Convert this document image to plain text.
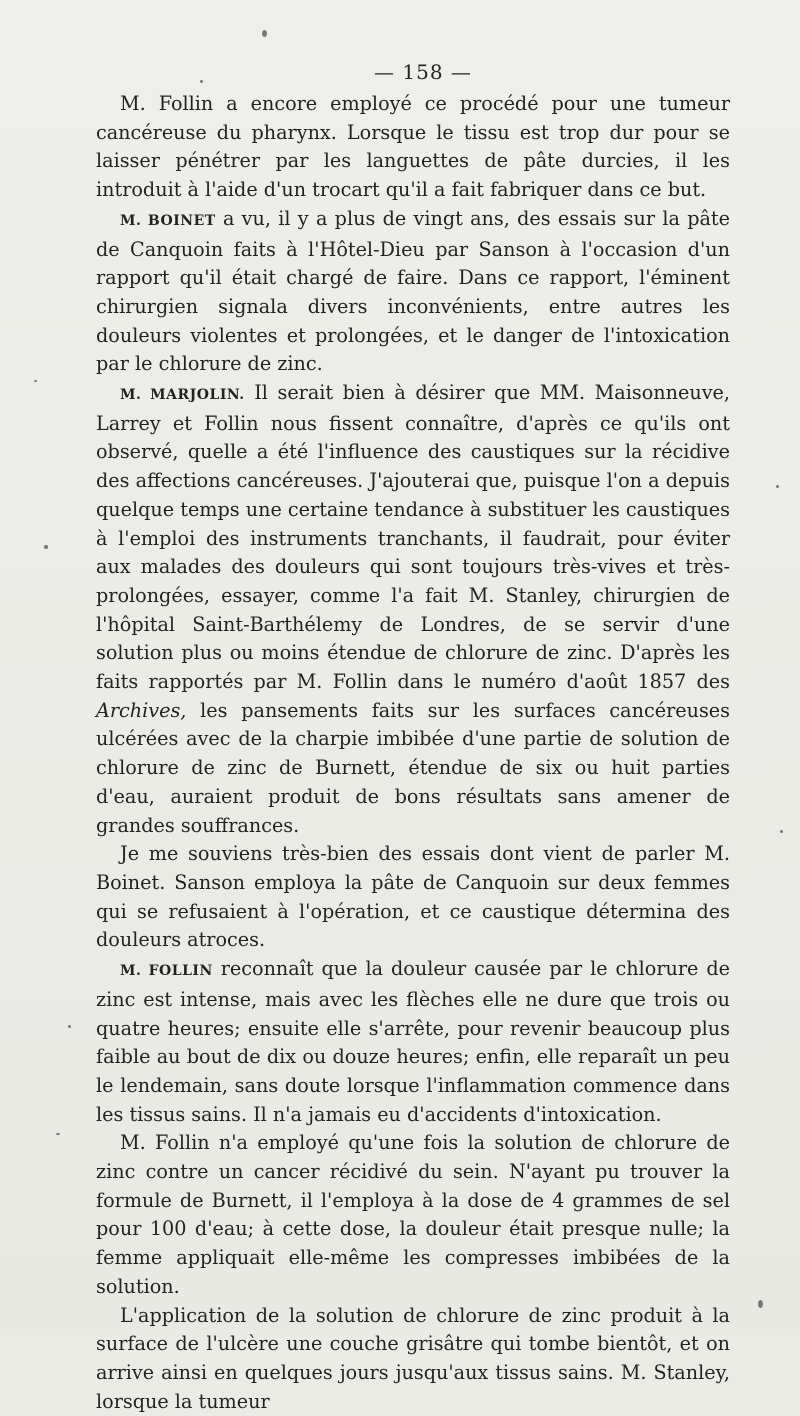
— 158 —

M. Follin a encore employé ce procédé pour une tumeur cancéreuse du pharynx. Lorsque le tissu est trop dur pour se laisser pénétrer par les languettes de pâte durcies, il les introduit à l'aide d'un trocart qu'il a fait fabriquer dans ce but.

M. BOINET a vu, il y a plus de vingt ans, des essais sur la pâte de Canquoin faits à l'Hôtel-Dieu par Sanson à l'occasion d'un rapport qu'il était chargé de faire. Dans ce rapport, l'éminent chirurgien signala divers inconvénients, entre autres les douleurs violentes et prolongées, et le danger de l'intoxication par le chlorure de zinc.

M. MARJOLIN. Il serait bien à désirer que MM. Maisonneuve, Larrey et Follin nous fissent connaître, d'après ce qu'ils ont observé, quelle a été l'influence des caustiques sur la récidive des affections cancéreuses. J'ajouterai que, puisque l'on a depuis quelque temps une certaine tendance à substituer les caustiques à l'emploi des instruments tranchants, il faudrait, pour éviter aux malades des douleurs qui sont toujours très-vives et très-prolongées, essayer, comme l'a fait M. Stanley, chirurgien de l'hôpital Saint-Barthélemy de Londres, de se servir d'une solution plus ou moins étendue de chlorure de zinc. D'après les faits rapportés par M. Follin dans le numéro d'août 1857 des Archives, les pansements faits sur les surfaces cancéreuses ulcérées avec de la charpie imbibée d'une partie de solution de chlorure de zinc de Burnett, étendue de six ou huit parties d'eau, auraient produit de bons résultats sans amener de grandes souffrances.

Je me souviens très-bien des essais dont vient de parler M. Boinet. Sanson employa la pâte de Canquoin sur deux femmes qui se refusaient à l'opération, et ce caustique détermina des douleurs atroces.

M. FOLLIN reconnaît que la douleur causée par le chlorure de zinc est intense, mais avec les flèches elle ne dure que trois ou quatre heures; ensuite elle s'arrête, pour revenir beaucoup plus faible au bout de dix ou douze heures; enfin, elle reparaît un peu le lendemain, sans doute lorsque l'inflammation commence dans les tissus sains. Il n'a jamais eu d'accidents d'intoxication.

M. Follin n'a employé qu'une fois la solution de chlorure de zinc contre un cancer récidivé du sein. N'ayant pu trouver la formule de Burnett, il l'employa à la dose de 4 grammes de sel pour 100 d'eau; à cette dose, la douleur était presque nulle; la femme appliquait elle-même les compresses imbibées de la solution.

L'application de la solution de chlorure de zinc produit à la surface de l'ulcère une couche grisâtre qui tombe bientôt, et on arrive ainsi en quelques jours jusqu'aux tissus sains. M. Stanley, lorsque la tumeur
